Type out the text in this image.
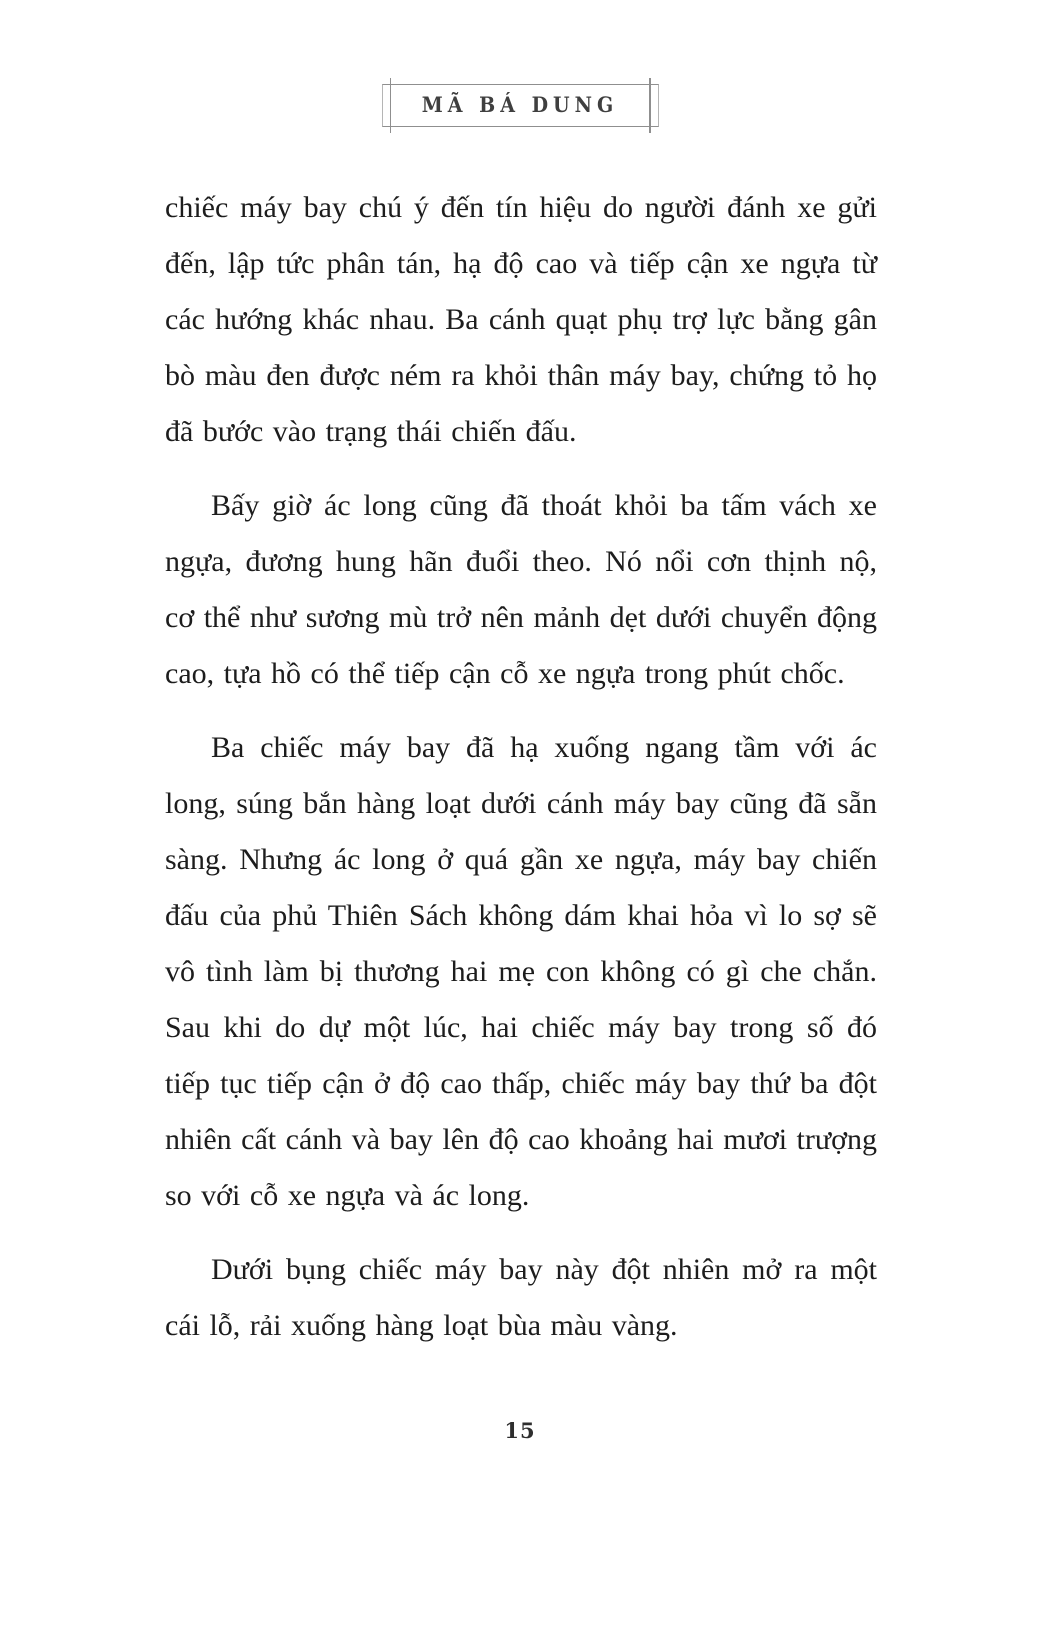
MÃ BÁ DUNG

chiếc máy bay chú ý đến tín hiệu do người đánh xe gửi đến, lập tức phân tán, hạ độ cao và tiếp cận xe ngựa từ các hướng khác nhau. Ba cánh quạt phụ trợ lực bằng gân bò màu đen được ném ra khỏi thân máy bay, chứng tỏ họ đã bước vào trạng thái chiến đấu.

Bấy giờ ác long cũng đã thoát khỏi ba tấm vách xe ngựa, đương hung hãn đuổi theo. Nó nổi cơn thịnh nộ, cơ thể như sương mù trở nên mảnh dẹt dưới chuyển động cao, tựa hồ có thể tiếp cận cỗ xe ngựa trong phút chốc.

Ba chiếc máy bay đã hạ xuống ngang tầm với ác long, súng bắn hàng loạt dưới cánh máy bay cũng đã sẵn sàng. Nhưng ác long ở quá gần xe ngựa, máy bay chiến đấu của phủ Thiên Sách không dám khai hỏa vì lo sợ sẽ vô tình làm bị thương hai mẹ con không có gì che chắn. Sau khi do dự một lúc, hai chiếc máy bay trong số đó tiếp tục tiếp cận ở độ cao thấp, chiếc máy bay thứ ba đột nhiên cất cánh và bay lên độ cao khoảng hai mươi trượng so với cỗ xe ngựa và ác long.

Dưới bụng chiếc máy bay này đột nhiên mở ra một cái lỗ, rải xuống hàng loạt bùa màu vàng.

15
